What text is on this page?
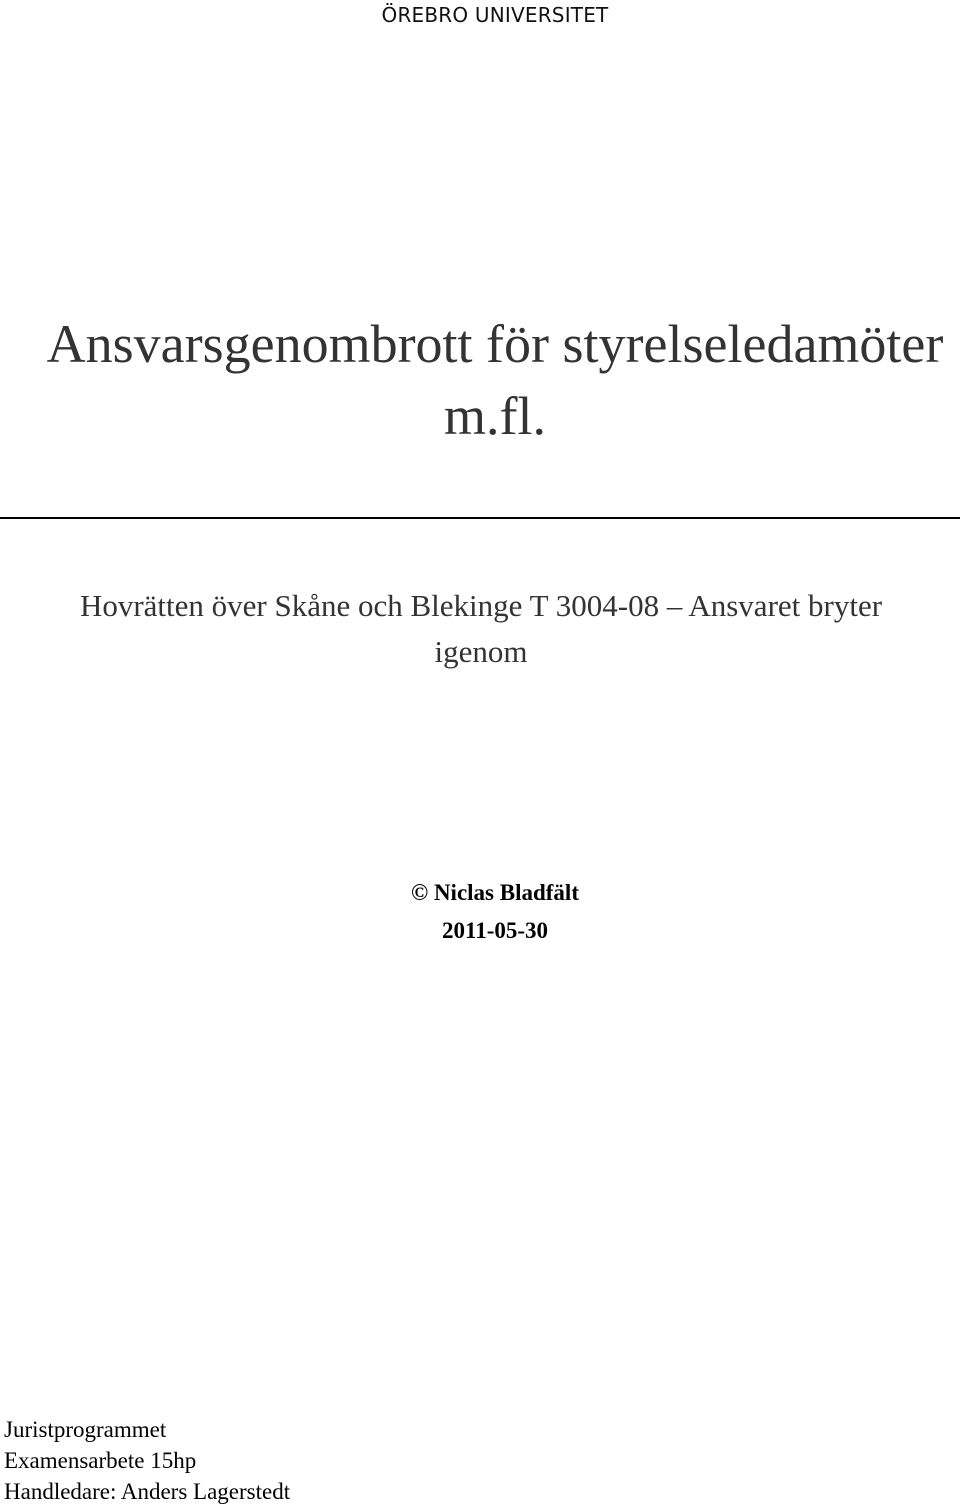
ÖREBRO UNIVERSITET
Ansvarsgenombrott för styrelseledamöter
m.fl.
Hovrätten över Skåne och Blekinge T 3004-08 – Ansvaret bryter
igenom
© Niclas Bladfält
2011-05-30
Juristprogrammet
Examensarbete 15hp
Handledare: Anders Lagerstedt
